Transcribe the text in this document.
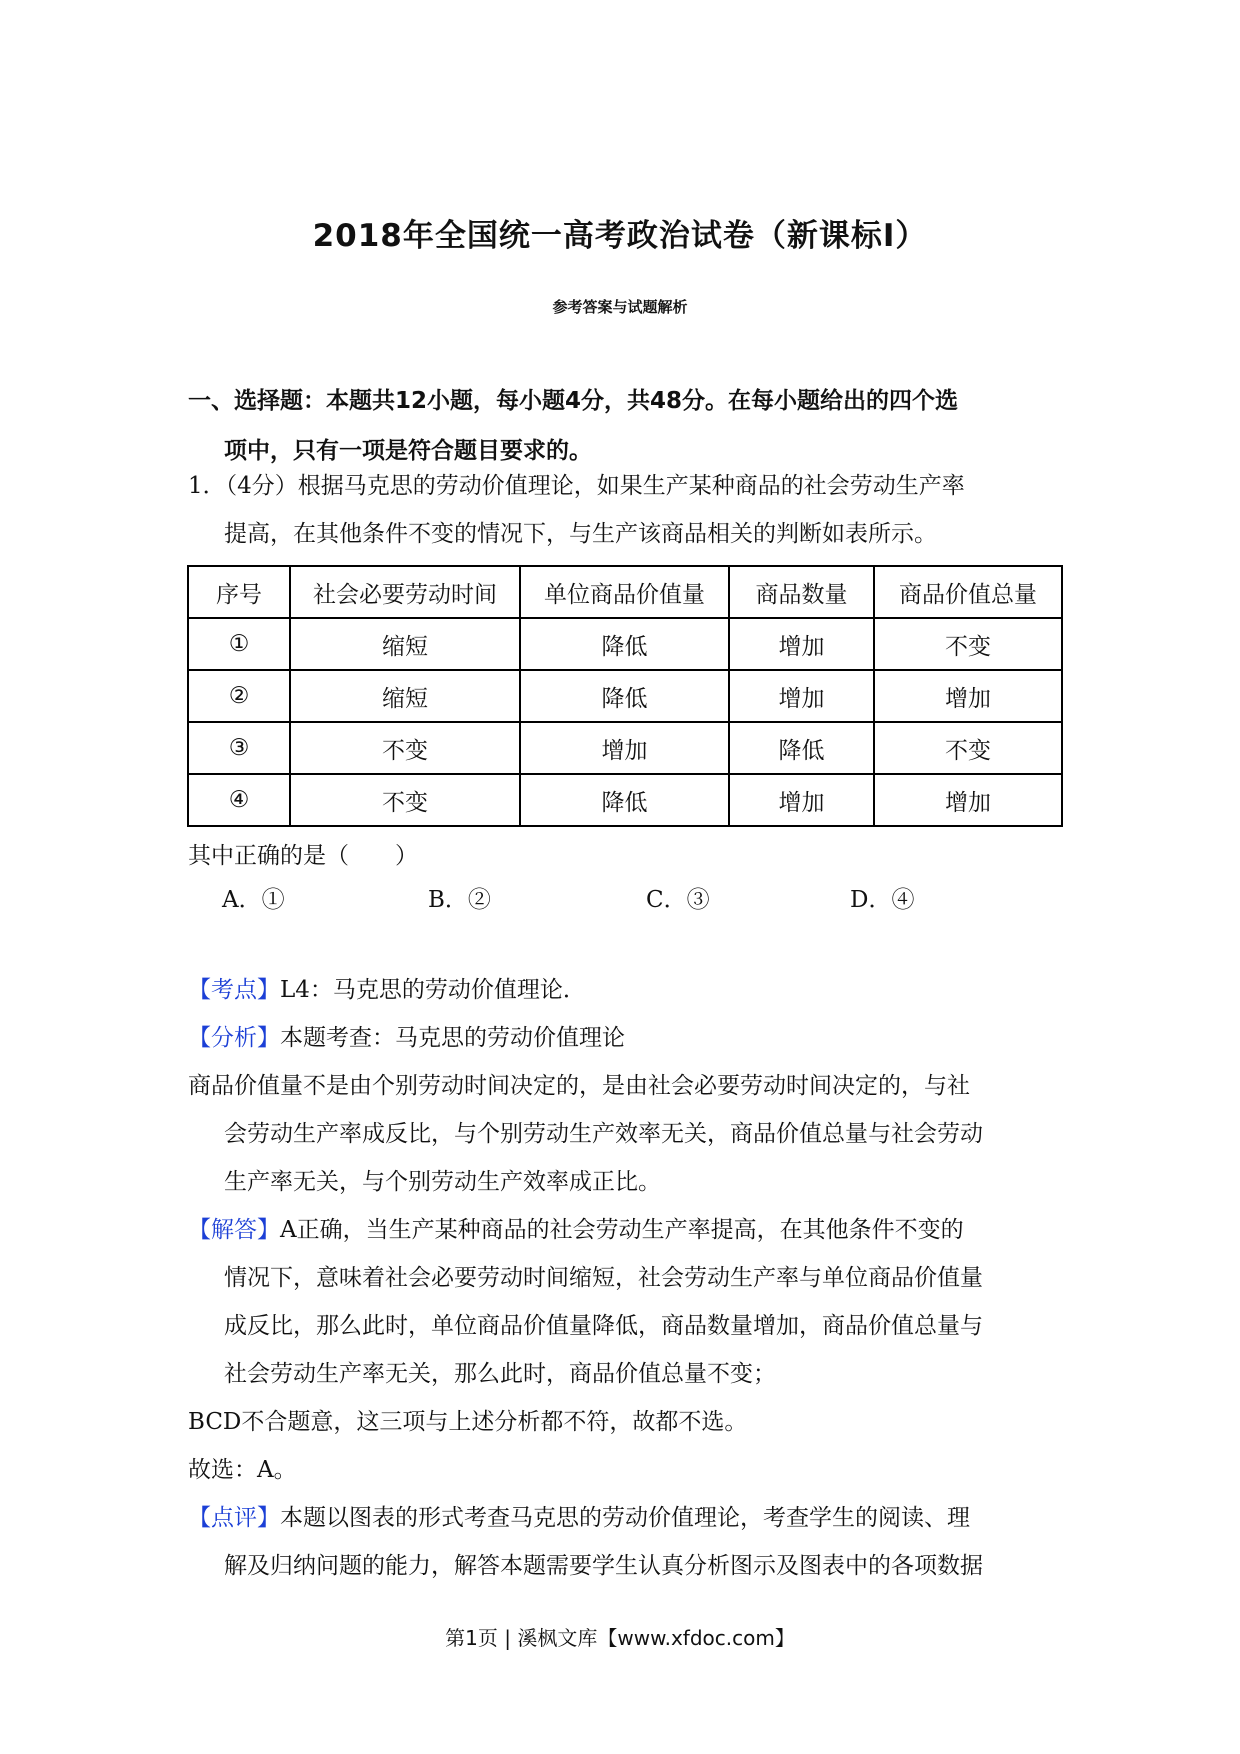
2018年全国统一高考政治试卷（新课标Ⅰ）
参考答案与试题解析
一、选择题：本题共12小题，每小题4分，共48分。在每小题给出的四个选
项中，只有一项是符合题目要求的。
1．（4分）根据马克思的劳动价值理论，如果生产某种商品的社会劳动生产率
提高，在其他条件不变的情况下，与生产该商品相关的判断如表所示。
序号	社会必要劳动时间	单位商品价值量	商品数量	商品价值总量
①	缩短	降低	增加	不变
②	缩短	降低	增加	增加
③	不变	增加	降低	不变
④	不变	降低	增加	增加
其中正确的是（　　）
A．①	B．②	C．③	D．④
【考点】L4：马克思的劳动价值理论．
【分析】本题考查：马克思的劳动价值理论
商品价值量不是由个别劳动时间决定的，是由社会必要劳动时间决定的，与社
会劳动生产率成反比，与个别劳动生产效率无关，商品价值总量与社会劳动
生产率无关，与个别劳动生产效率成正比。
【解答】A正确，当生产某种商品的社会劳动生产率提高，在其他条件不变的
情况下，意味着社会必要劳动时间缩短，社会劳动生产率与单位商品价值量
成反比，那么此时，单位商品价值量降低，商品数量增加，商品价值总量与
社会劳动生产率无关，那么此时，商品价值总量不变；
BCD不合题意，这三项与上述分析都不符，故都不选。
故选：A。
【点评】本题以图表的形式考查马克思的劳动价值理论，考查学生的阅读、理
解及归纳问题的能力，解答本题需要学生认真分析图示及图表中的各项数据
第1页 | 溪枫文库【www.xfdoc.com】
